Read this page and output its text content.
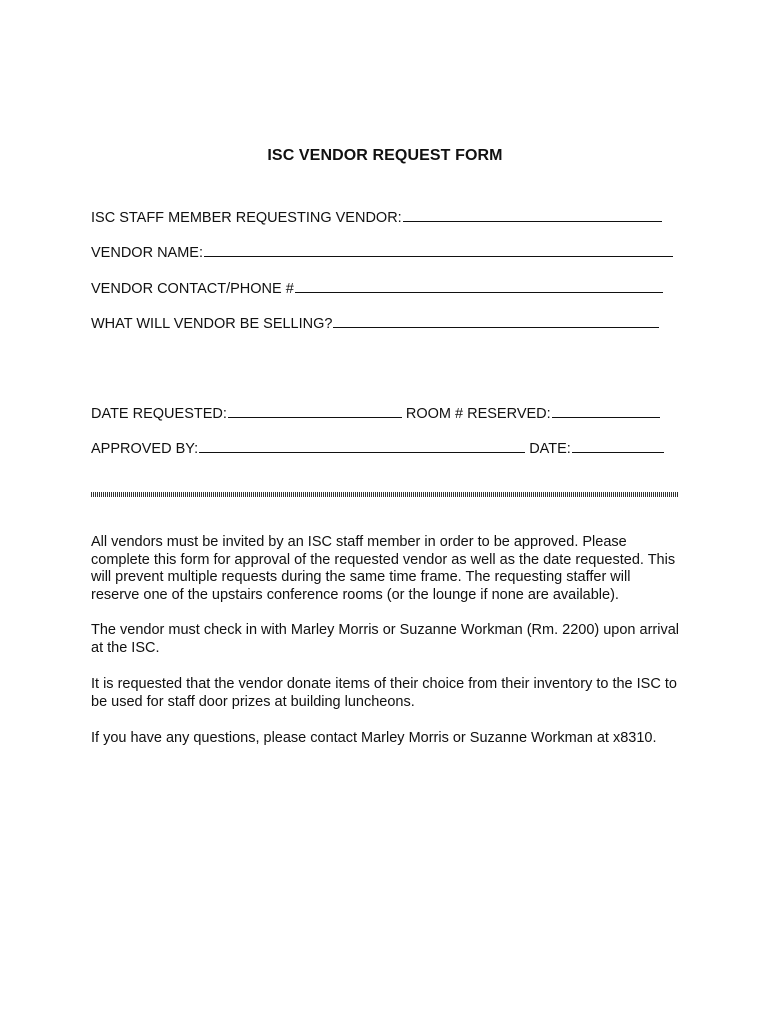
ISC VENDOR REQUEST FORM
ISC STAFF MEMBER REQUESTING VENDOR:
VENDOR NAME:
VENDOR CONTACT/PHONE #
WHAT WILL VENDOR BE SELLING?
DATE REQUESTED:	ROOM # RESERVED:
APPROVED BY:	DATE:

All vendors must be invited by an ISC staff member in order to be approved. Please complete this form for approval of the requested vendor as well as the date requested. This will prevent multiple requests during the same time frame. The requesting staffer will reserve one of the upstairs conference rooms (or the lounge if none are available).

The vendor must check in with Marley Morris or Suzanne Workman (Rm. 2200) upon arrival at the ISC.

It is requested that the vendor donate items of their choice from their inventory to the ISC to be used for staff door prizes at building luncheons.

If you have any questions, please contact Marley Morris or Suzanne Workman at x8310.
